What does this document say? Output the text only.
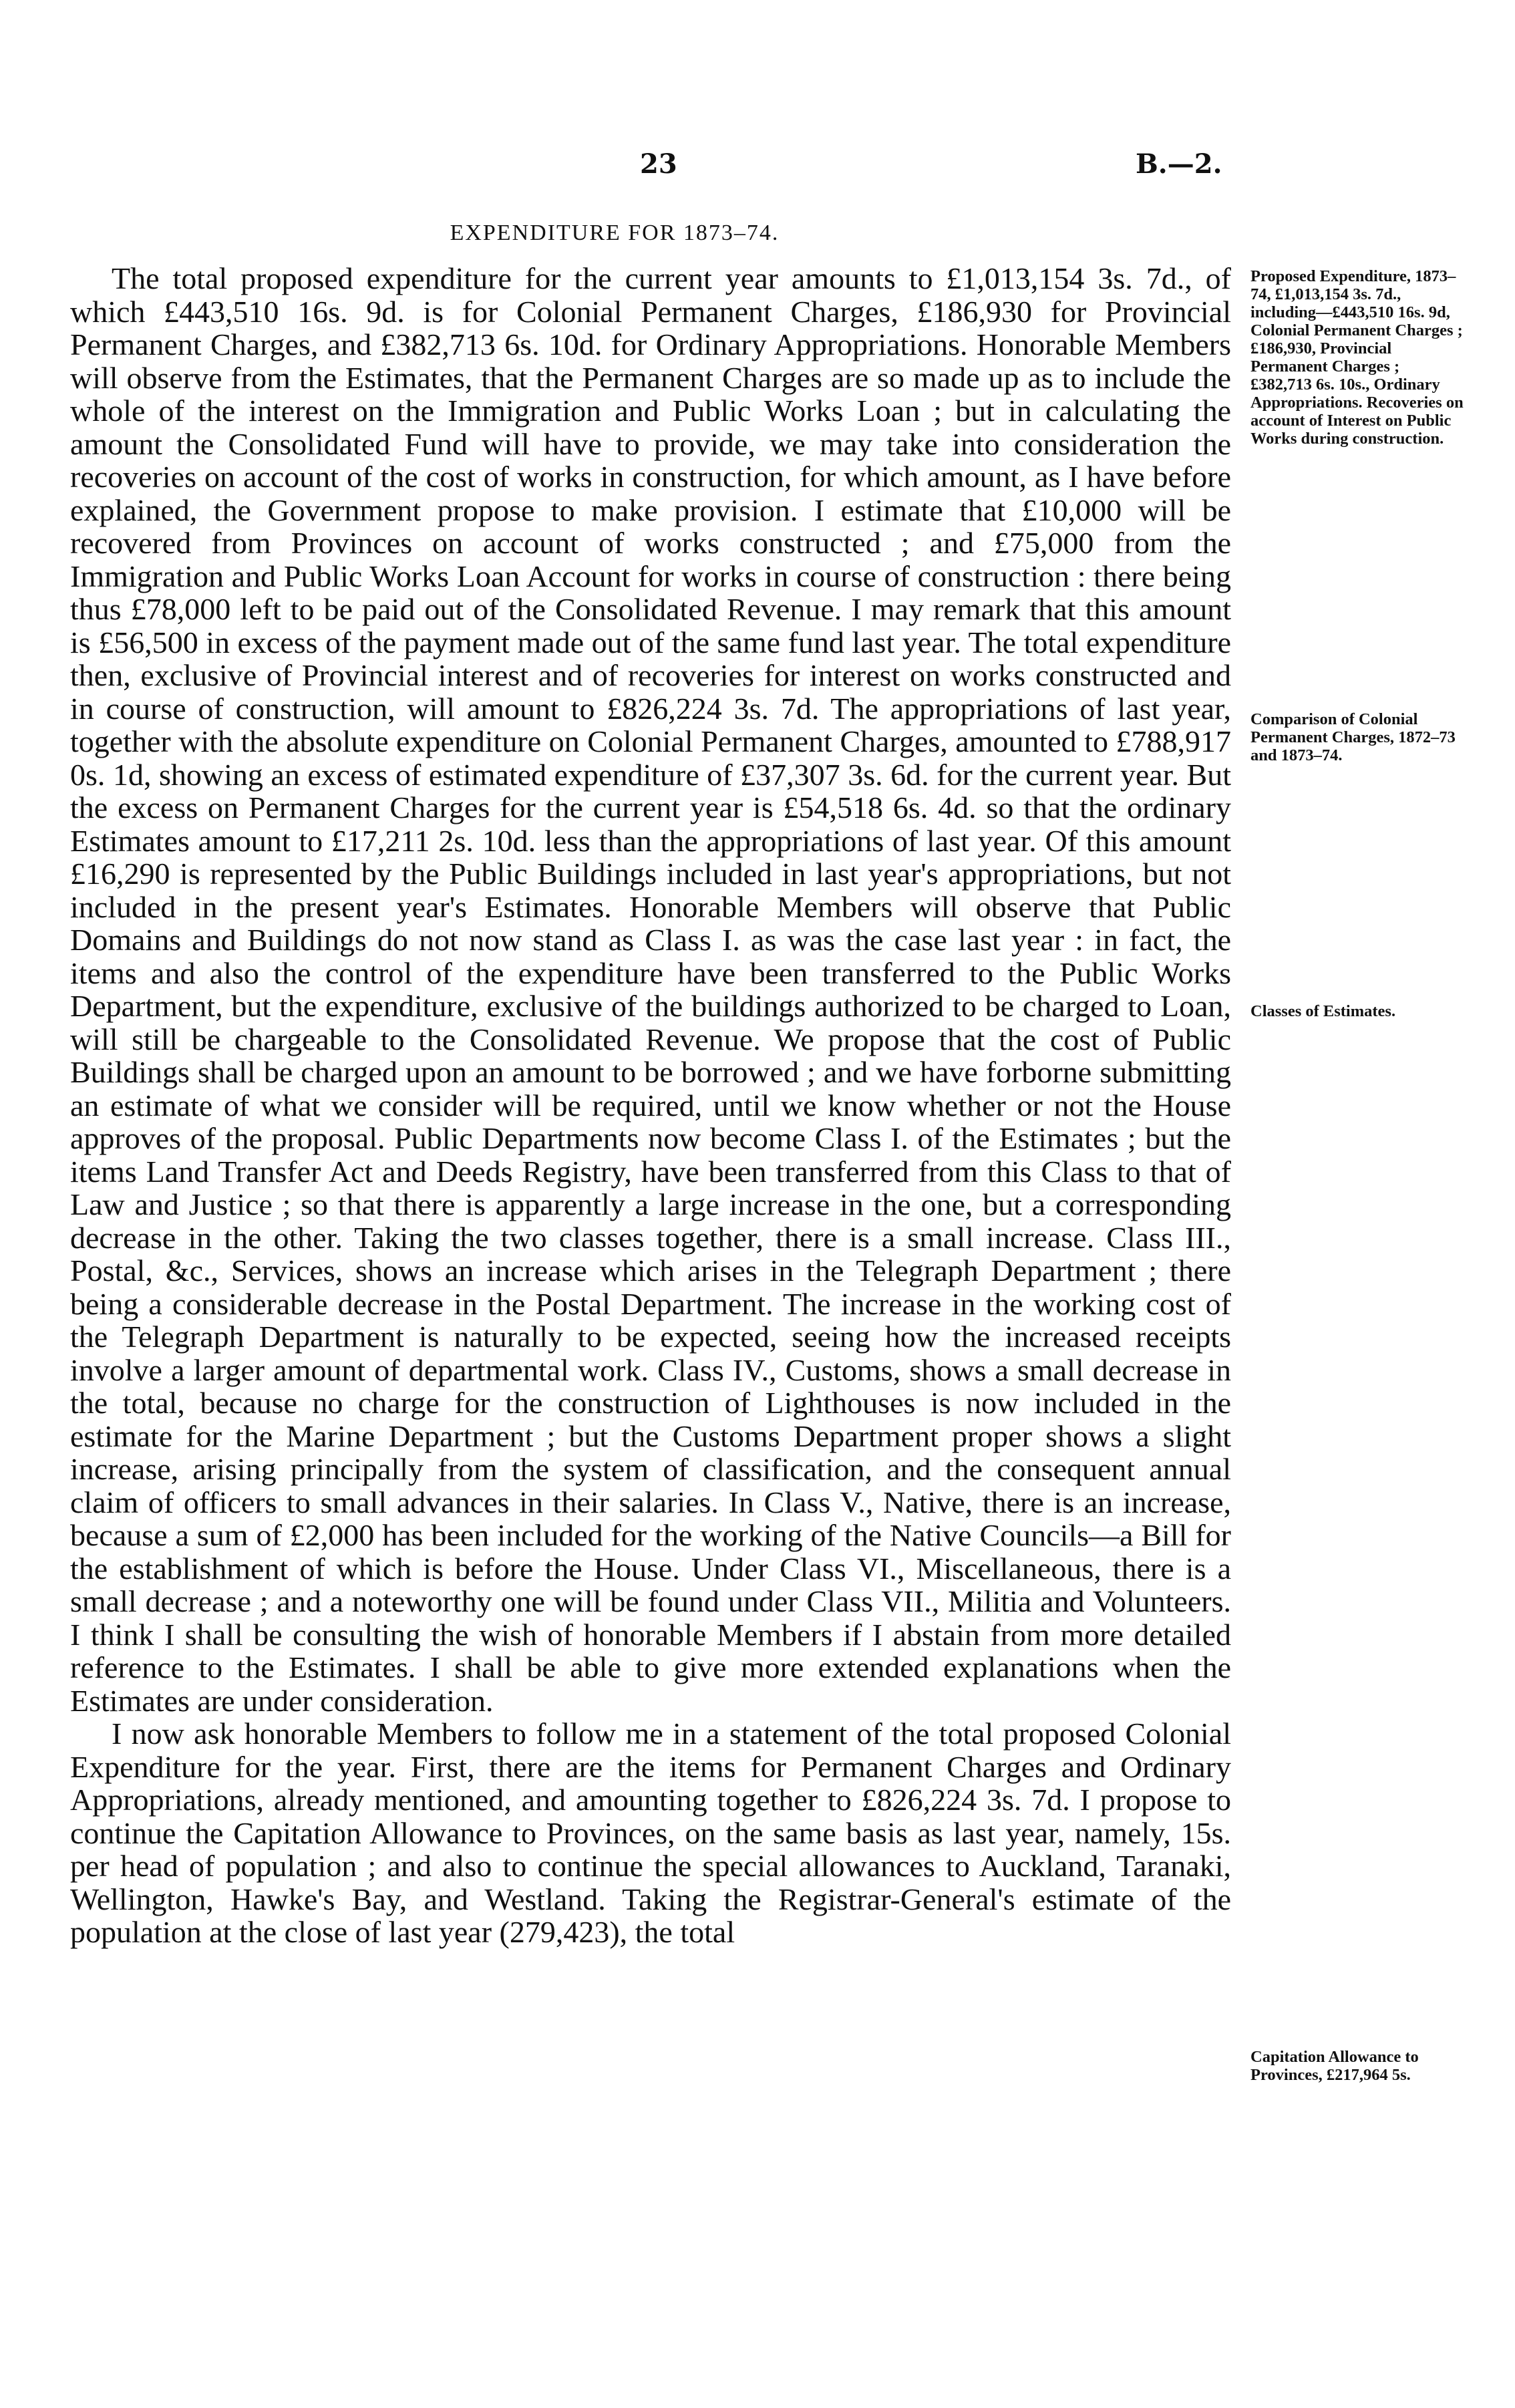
23	B.—2.
EXPENDITURE FOR 1873–74.

The total proposed expenditure for the current year amounts to £1,013,154 3s. 7d., of which £443,510 16s. 9d. is for Colonial Permanent Charges, £186,930 for Provincial Permanent Charges, and £382,713 6s. 10d. for Ordinary Appropriations. Honorable Members will observe from the Estimates, that the Permanent Charges are so made up as to include the whole of the interest on the Immigration and Public Works Loan ; but in calculating the amount the Consolidated Fund will have to provide, we may take into consideration the recoveries on account of the cost of works in construction, for which amount, as I have before explained, the Government propose to make provision. I estimate that £10,000 will be recovered from Provinces on account of works constructed ; and £75,000 from the Immigration and Public Works Loan Account for works in course of construction : there being thus £78,000 left to be paid out of the Consolidated Revenue. I may remark that this amount is £56,500 in excess of the payment made out of the same fund last year. The total expenditure then, exclusive of Provincial interest and of recoveries for interest on works constructed and in course of construction, will amount to £826,224 3s. 7d. The appropriations of last year, together with the absolute expenditure on Colonial Permanent Charges, amounted to £788,917 0s. 1d, showing an excess of estimated expenditure of £37,307 3s. 6d. for the current year. But the excess on Permanent Charges for the current year is £54,518 6s. 4d. so that the ordinary Estimates amount to £17,211 2s. 10d. less than the appropriations of last year. Of this amount £16,290 is represented by the Public Buildings included in last year's appropriations, but not included in the present year's Estimates. Honorable Members will observe that Public Domains and Buildings do not now stand as Class I. as was the case last year : in fact, the items and also the control of the expenditure have been transferred to the Public Works Department, but the expenditure, exclusive of the buildings authorized to be charged to Loan, will still be chargeable to the Consolidated Revenue. We propose that the cost of Public Buildings shall be charged upon an amount to be borrowed ; and we have forborne submitting an estimate of what we consider will be required, until we know whether or not the House approves of the proposal. Public Departments now become Class I. of the Estimates ; but the items Land Transfer Act and Deeds Registry, have been transferred from this Class to that of Law and Justice ; so that there is apparently a large increase in the one, but a corresponding decrease in the other. Taking the two classes together, there is a small increase. Class III., Postal, &c., Services, shows an increase which arises in the Telegraph Department ; there being a considerable decrease in the Postal Department. The increase in the working cost of the Telegraph Department is naturally to be expected, seeing how the increased receipts involve a larger amount of departmental work. Class IV., Customs, shows a small decrease in the total, because no charge for the construction of Lighthouses is now included in the estimate for the Marine Department ; but the Customs Department proper shows a slight increase, arising principally from the system of classification, and the consequent annual claim of officers to small advances in their salaries. In Class V., Native, there is an increase, because a sum of £2,000 has been included for the working of the Native Councils—a Bill for the establishment of which is before the House. Under Class VI., Miscellaneous, there is a small decrease ; and a noteworthy one will be found under Class VII., Militia and Volunteers. I think I shall be consulting the wish of honorable Members if I abstain from more detailed reference to the Estimates. I shall be able to give more extended explanations when the Estimates are under consideration.

I now ask honorable Members to follow me in a statement of the total proposed Colonial Expenditure for the year. First, there are the items for Permanent Charges and Ordinary Appropriations, already mentioned, and amounting together to £826,224 3s. 7d. I propose to continue the Capitation Allowance to Provinces, on the same basis as last year, namely, 15s. per head of population ; and also to continue the special allowances to Auckland, Taranaki, Wellington, Hawke's Bay, and Westland. Taking the Registrar-General's estimate of the population at the close of last year (279,423), the total

Proposed Expenditure, 1873–74, £1,013,154 3s. 7d., including—£443,510 16s. 9d, Colonial Permanent Charges ; £186,930, Provincial Permanent Charges ; £382,713 6s. 10s., Ordinary Appropriations. Recoveries on account of Interest on Public Works during construction.
Comparison of Colonial Permanent Charges, 1872–73 and 1873–74.
Classes of Estimates.
Capitation Allowance to Provinces, £217,964 5s.
